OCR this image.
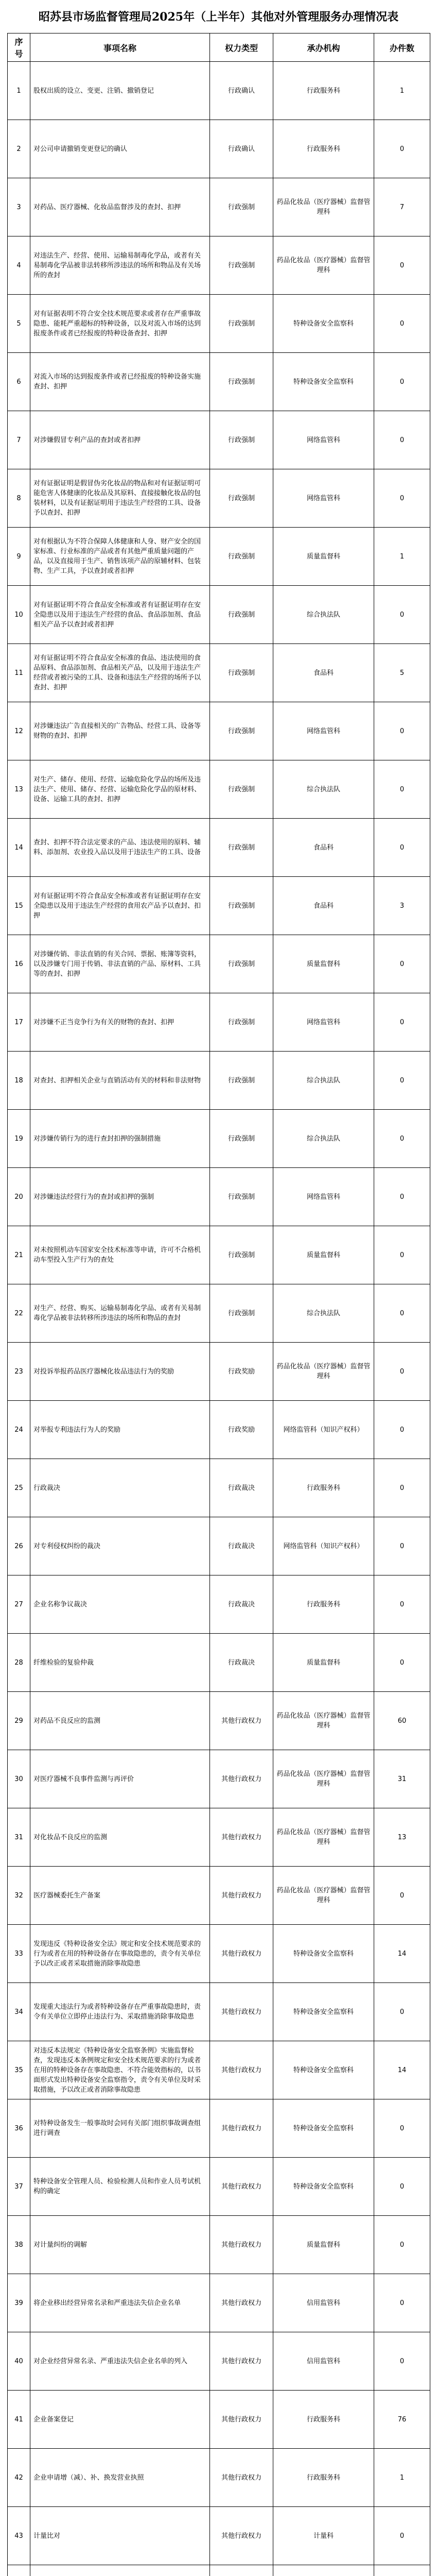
昭苏县市场监督管理局2025年（上半年）其他对外管理服务办理情况表
序号	事项名称	权力类型	承办机构	办件数
1	股权出质的设立、变更、注销、撤销登记	行政确认	行政服务科	1
2	对公司申请撤销变更登记的确认	行政确认	行政服务科	0
3	对药品、医疗器械、化妆品监督涉及的查封、扣押	行政强制	药品化妆品（医疗器械）监督管理科	7
4	对违法生产、经营、使用、运输易制毒化学品，或者有关易制毒化学品被非法转移所涉违法的场所和物品及有关场所的查封	行政强制	药品化妆品（医疗器械）监督管理科	0
5	对有证据表明不符合安全技术规范要求或者存在严重事故隐患、能耗严重超标的特种设备，以及对流入市场的达到报废条件或者已经报废的特种设备查封、扣押	行政强制	特种设备安全监察科	0
6	对流入市场的达到报废条件或者已经报废的特种设备实施查封、扣押	行政强制	特种设备安全监察科	0
7	对涉嫌假冒专利产品的查封或者扣押	行政强制	网络监管科	0
8	对有证据证明是假冒伪劣化妆品的物品和对有证据证明可能危害人体健康的化妆品及其原料、直接接触化妆品的包装材料，以及有证据证明用于违法生产经营的工具、设备予以查封、扣押	行政强制	网络监管科	0
9	对有根据认为不符合保障人体健康和人身、财产安全的国家标准、行业标准的产品或者有其他严重质量问题的产品，以及直接用于生产、销售该项产品的原辅材料、包装物、生产工具，予以查封或者扣押	行政强制	质量监督科	1
10	对有证据证明不符合食品安全标准或者有证据证明存在安全隐患以及用于违法生产经营的食品、食品添加剂、食品相关产品予以查封或者扣押	行政强制	综合执法队	0
11	对有证据证明不符合食品安全标准的食品、违法使用的食品原料、食品添加剂、食品相关产品，以及用于违法生产经营或者被污染的工具、设备和违法生产经营的场所予以查封、扣押	行政强制	食品科	5
12	对涉嫌违法广告直接相关的广告物品、经营工具、设备等财物的查封、扣押	行政强制	网络监管科	0
13	对生产、储存、使用、经营、运输危险化学品的场所及违法生产、使用、储存、经营、运输危险化学品的原材料、设备、运输工具的查封、扣押	行政强制	综合执法队	0
14	查封、扣押不符合法定要求的产品、违法使用的原料、辅料、添加剂、农业投入品以及用于违法生产的工具、设备	行政强制	食品科	0
15	对有证据证明不符合食品安全标准或者有证据证明存在安全隐患以及用于违法生产经营的食用农产品予以查封、扣押	行政强制	食品科	3
16	对涉嫌传销、非法直销的有关合同、票据、账簿等资料，以及涉嫌专门用于传销、非法直销的产品、原材料、工具等的查封、扣押	行政强制	质量监督科	0
17	对涉嫌不正当竞争行为有关的财物的查封、扣押	行政强制	网络监管科	0
18	对查封、扣押相关企业与直销活动有关的材料和非法财物	行政强制	综合执法队	0
19	对涉嫌传销行为的进行查封扣押的强制措施	行政强制	综合执法队	0
20	对涉嫌违法经营行为的查封或扣押的强制	行政强制	网络监管科	0
21	对未按照机动车国家安全技术标准等申请，许可不合格机动车型投入生产行为的查处	行政强制	质量监督科	0
22	对生产、经营、购买、运输易制毒化学品、或者有关易制毒化学品被非法转移所涉违法的场所和物品的查封	行政强制	综合执法队	0
23	对投诉举报药品医疗器械化妆品违法行为的奖励	行政奖励	药品化妆品（医疗器械）监督管理科	0
24	对举报专利违法行为人的奖励	行政奖励	网络监管科（知识产权科）	0
25	行政裁决	行政裁决	行政服务科	0
26	对专利侵权纠纷的裁决	行政裁决	网络监管科（知识产权科）	0
27	企业名称争议裁决	行政裁决	行政服务科	0
28	纤维检验的复验仲裁	行政裁决	质量监督科	0
29	对药品不良反应的监测	其他行政权力	药品化妆品（医疗器械）监督管理科	60
30	对医疗器械不良事件监测与再评价	其他行政权力	药品化妆品（医疗器械）监督管理科	31
31	对化妆品不良反应的监测	其他行政权力	药品化妆品（医疗器械）监督管理科	13
32	医疗器械委托生产备案	其他行政权力	药品化妆品（医疗器械）监督管理科	0
33	发现违反《特种设备安全法》规定和安全技术规范要求的行为或者在用的特种设备存在事故隐患的，责令有关单位予以改正或者采取措施消除事故隐患	其他行政权力	特种设备安全监察科	14
34	发现重大违法行为或者特种设备存在严重事故隐患时，责令有关单位立即停止违法行为、采取措施消除事故隐患	其他行政权力	特种设备安全监察科	0
35	对违反本法规定《特种设备安全监察条例》实施监督检查，发现违反本条例规定和安全技术规范要求的行为或者在用的特种设备存在事故隐患、不符合能效指标的，以书面形式发出特种设备安全监察指令，责令有关单位及时采取措施，予以改正或者消除事故隐患	其他行政权力	特种设备安全监察科	14
36	对特种设备发生一般事故时会同有关部门组织事故调查组进行调查	其他行政权力	特种设备安全监察科	0
37	特种设备安全管理人员、检验检测人员和作业人员考试机构的确定	其他行政权力	特种设备安全监察科	0
38	对计量纠纷的调解	其他行政权力	质量监督科	0
39	将企业移出经营异常名录和严重违法失信企业名单	其他行政权力	信用监管科	0
40	对企业经营异常名录、严重违法失信企业名单的列入	其他行政权力	信用监管科	0
41	企业备案登记	其他行政权力	行政服务科	76
42	企业申请增（减）、补、换发营业执照	其他行政权力	行政服务科	1
43	计量比对	其他行政权力	计量科	0
